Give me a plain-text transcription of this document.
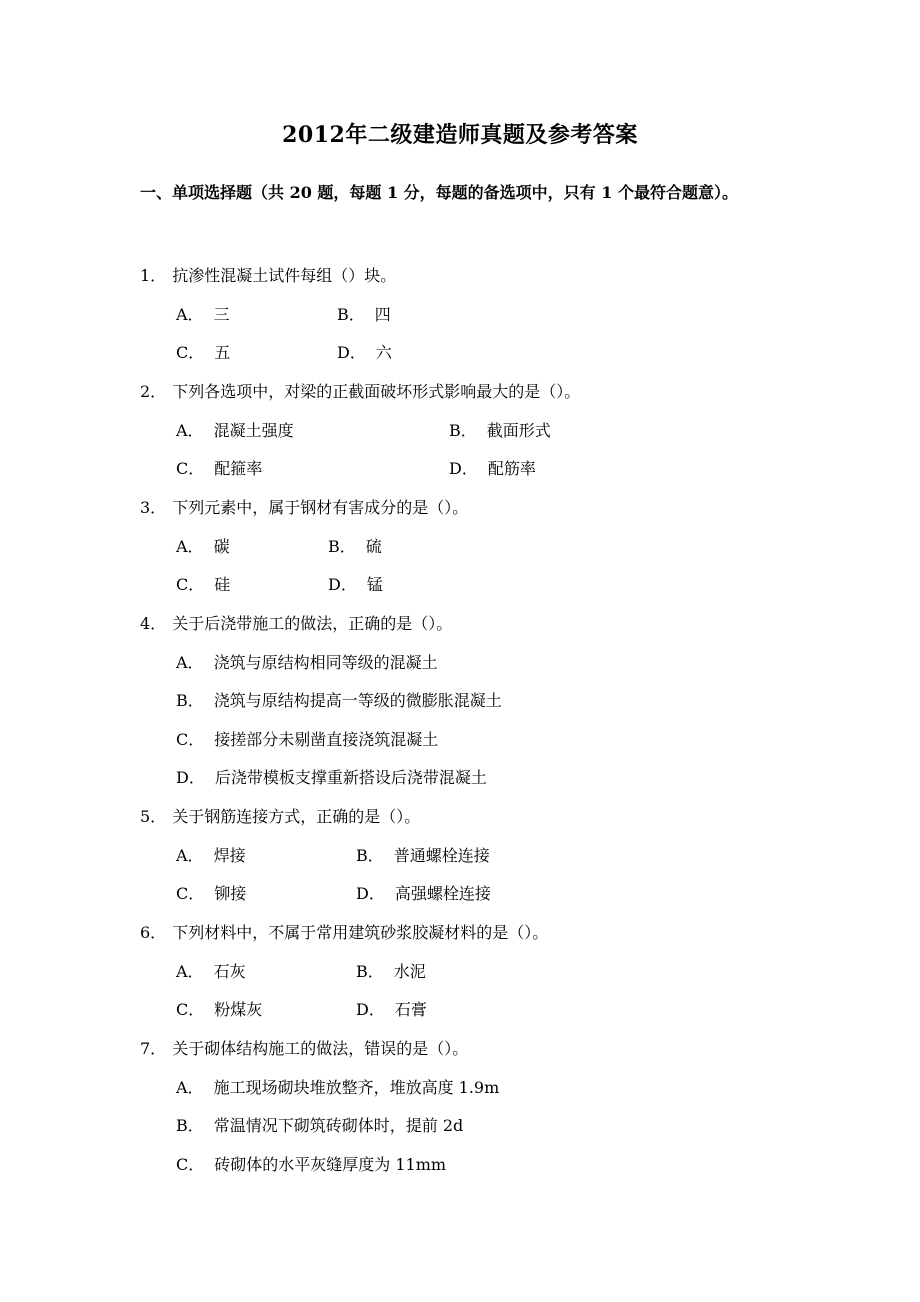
2012年二级建造师真题及参考答案
一、单项选择题（共 20 题，每题 1 分，每题的备选项中，只有 1 个最符合题意）。
1． 抗渗性混凝土试件每组（）块。
A． 三	B． 四
C． 五	D． 六
2． 下列各选项中，对梁的正截面破坏形式影响最大的是（）。
A． 混凝土强度	B． 截面形式
C． 配箍率	D． 配筋率
3． 下列元素中，属于钢材有害成分的是（）。
A． 碳	B． 硫
C． 硅	D． 锰
4． 关于后浇带施工的做法，正确的是（）。
A． 浇筑与原结构相同等级的混凝土
B． 浇筑与原结构提高一等级的微膨胀混凝土
C． 接搓部分未剔凿直接浇筑混凝土
D． 后浇带模板支撑重新搭设后浇带混凝土
5． 关于钢筋连接方式，正确的是（）。
A． 焊接	B． 普通螺栓连接
C． 铆接	D． 高强螺栓连接
6． 下列材料中，不属于常用建筑砂浆胶凝材料的是（）。
A． 石灰	B． 水泥
C． 粉煤灰	D． 石膏
7． 关于砌体结构施工的做法，错误的是（）。
A． 施工现场砌块堆放整齐，堆放高度 1.9m
B． 常温情况下砌筑砖砌体时，提前 2d
C． 砖砌体的水平灰缝厚度为 11mm
